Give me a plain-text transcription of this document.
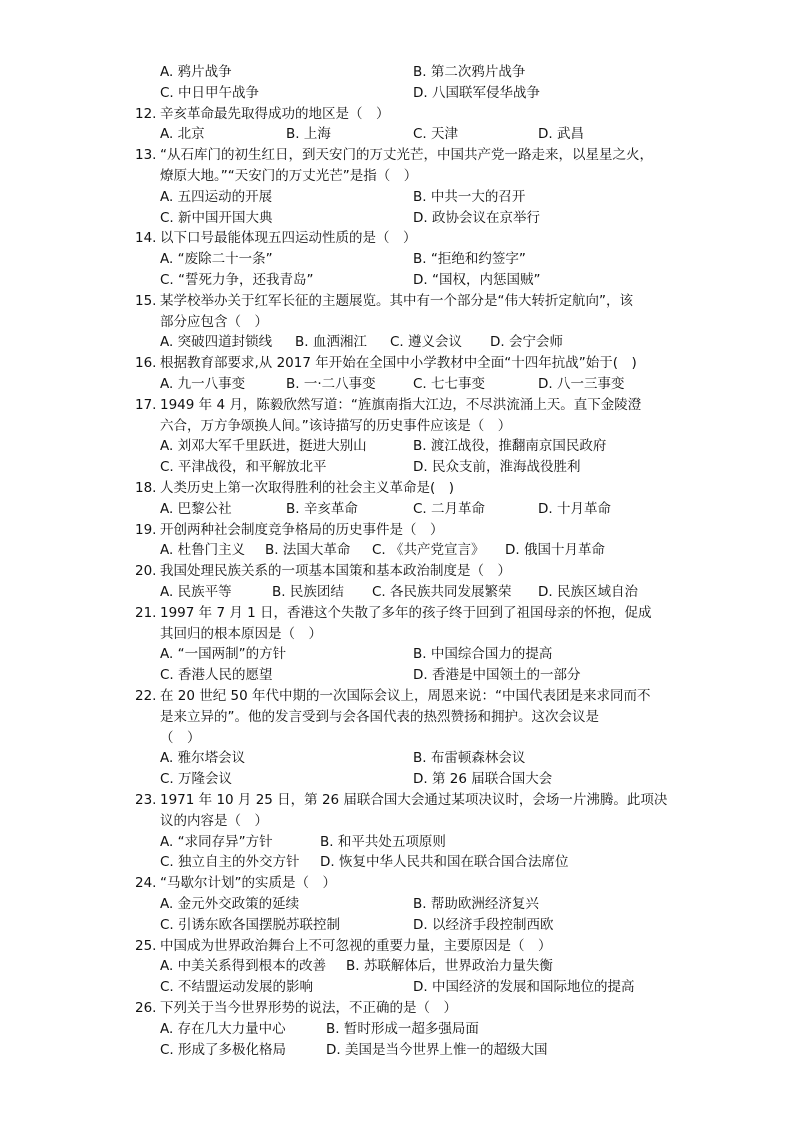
A. 鸦片战争	B. 第二次鸦片战争
C. 中日甲午战争	D. 八国联军侵华战争
12. 辛亥革命最先取得成功的地区是（　）
A. 北京	B. 上海	C. 天津	D. 武昌
13. “从石库门的初生红日，到天安门的万丈光芒，中国共产党一路走来，以星星之火，
燎原大地。”“天安门的万丈光芒”是指（　）
A. 五四运动的开展	B. 中共一大的召开
C. 新中国开国大典	D. 政协会议在京举行
14. 以下口号最能体现五四运动性质的是（　）
A. “废除二十一条”	B. “拒绝和约签字”
C. “誓死力争，还我青岛”	D. “国权，内惩国贼”
15. 某学校举办关于红军长征的主题展览。其中有一个部分是“伟大转折定航向”，该
部分应包含（　）
A. 突破四道封锁线 B. 血洒湘江 C. 遵义会议 D. 会宁会师
16. 根据教育部要求,从 2017 年开始在全国中小学教材中全面“十四年抗战”始于(　)
A. 九一八事变	B. 一·二八事变	C. 七七事变	D. 八一三事变
17. 1949 年 4 月，陈毅欣然写道：“旌旗南指大江边，不尽洪流涌上天。直下金陵澄
六合，万方争颂换人间。”该诗描写的历史事件应该是（　）
A. 刘邓大军千里跃进，挺进大别山	B. 渡江战役，推翻南京国民政府
C. 平津战役，和平解放北平	D. 民众支前，淮海战役胜利
18. 人类历史上第一次取得胜利的社会主义革命是(　)
A. 巴黎公社	B. 辛亥革命	C. 二月革命	D. 十月革命
19. 开创两种社会制度竞争格局的历史事件是（　）
A. 杜鲁门主义 B. 法国大革命 C. 《共产党宣言》 D. 俄国十月革命
20. 我国处理民族关系的一项基本国策和基本政治制度是（　）
A. 民族平等	B. 民族团结 C. 各民族共同发展繁荣 D. 民族区域自治
21. 1997 年 7 月 1 日，香港这个失散了多年的孩子终于回到了祖国母亲的怀抱，促成
其回归的根本原因是（　）
A. “一国两制”的方针	B. 中国综合国力的提高
C. 香港人民的愿望	D. 香港是中国领土的一部分
22. 在 20 世纪 50 年代中期的一次国际会议上，周恩来说：“中国代表团是来求同而不
是来立异的”。他的发言受到与会各国代表的热烈赞扬和拥护。这次会议是
（　）
A. 雅尔塔会议	B. 布雷顿森林会议
C. 万隆会议	D. 第 26 届联合国大会
23. 1971 年 10 月 25 日，第 26 届联合国大会通过某项决议时，会场一片沸腾。此项决
议的内容是（　）
A. “求同存异”方针	B. 和平共处五项原则
C. 独立自主的外交方针 D. 恢复中华人民共和国在联合国合法席位
24. “马歇尔计划”的实质是（　）
A. 金元外交政策的延续	B. 帮助欧洲经济复兴
C. 引诱东欧各国摆脱苏联控制	D. 以经济手段控制西欧
25. 中国成为世界政治舞台上不可忽视的重要力量，主要原因是（　）
A. 中美关系得到根本的改善 B. 苏联解体后，世界政治力量失衡
C. 不结盟运动发展的影响	D. 中国经济的发展和国际地位的提高
26. 下列关于当今世界形势的说法，不正确的是（　）
A. 存在几大力量中心	B. 暂时形成一超多强局面
C. 形成了多极化格局	D. 美国是当今世界上惟一的超级大国
